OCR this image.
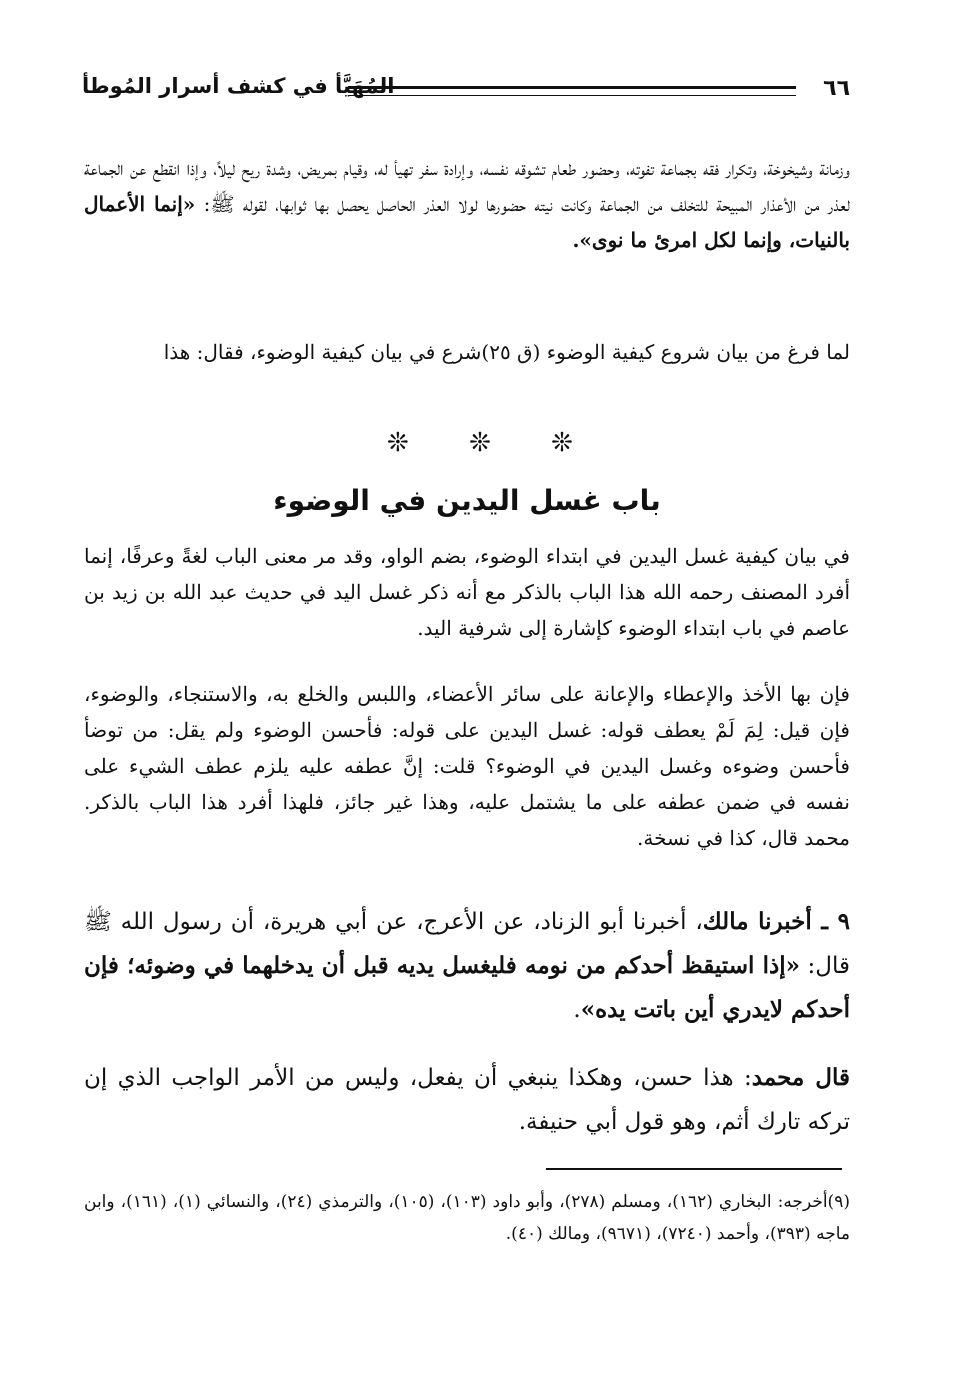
٦٦
المُهَيَّأ في كشف أسرار المُوطأ

وزمانة وشيخوخة، وتكرار فقه بجماعة تفوته، وحضور طعام تشوقه نفسه، وإرادة سفر تهيأ له، وقيام بمريض، وشدة ريح ليلاً، وإذا انقطع عن الجماعة لعذر من الأعذار المبيحة للتخلف من الجماعة وكانت نيته حضورها لولا العذر الحاصل يحصل بها ثوابها، لقوله ﷺ: «إنما الأعمال بالنيات، وإنما لكل امرئ ما نوى».

لما فرغ من بيان شروع كيفية الوضوء (ق ٢٥)شرع في بيان كيفية الوضوء، فقال: هذا

❊ ❊ ❊
باب غسل اليدين في الوضوء

في بيان كيفية غسل اليدين في ابتداء الوضوء، بضم الواو، وقد مر معنى الباب لغةً وعرفًا، إنما أفرد المصنف رحمه الله هذا الباب بالذكر مع أنه ذكر غسل اليد في حديث عبد الله بن زيد بن عاصم في باب ابتداء الوضوء كإشارة إلى شرفية اليد.

فإن بها الأخذ والإعطاء والإعانة على سائر الأعضاء، واللبس والخلع به، والاستنجاء، والوضوء، فإن قيل: لِمَ لَمْ يعطف قوله: غسل اليدين على قوله: فأحسن الوضوء ولم يقل: من توضأ فأحسن وضوءه وغسل اليدين في الوضوء؟ قلت: إنَّ عطفه عليه يلزم عطف الشيء على نفسه في ضمن عطفه على ما يشتمل عليه، وهذا غير جائز، فلهذا أفرد هذا الباب بالذكر. محمد قال، كذا في نسخة.

٩ ـ أخبرنا مالك، أخبرنا أبو الزناد، عن الأعرج، عن أبي هريرة، أن رسول الله ﷺ قال: «إذا استيقظ أحدكم من نومه فليغسل يديه قبل أن يدخلهما في وضوئه؛ فإن أحدكم لايدري أين باتت يده».

قال محمد: هذا حسن، وهكذا ينبغي أن يفعل، وليس من الأمر الواجب الذي إن تركه تارك أثم، وهو قول أبي حنيفة.

(٩)أخرجه: البخاري (١٦٢)، ومسلم (٢٧٨)، وأبو داود (١٠٣)، (١٠٥)، والترمذي (٢٤)، والنسائي (١)، (١٦١)، وابن ماجه (٣٩٣)، وأحمد (٧٢٤٠)، (٩٦٧١)، ومالك (٤٠).
